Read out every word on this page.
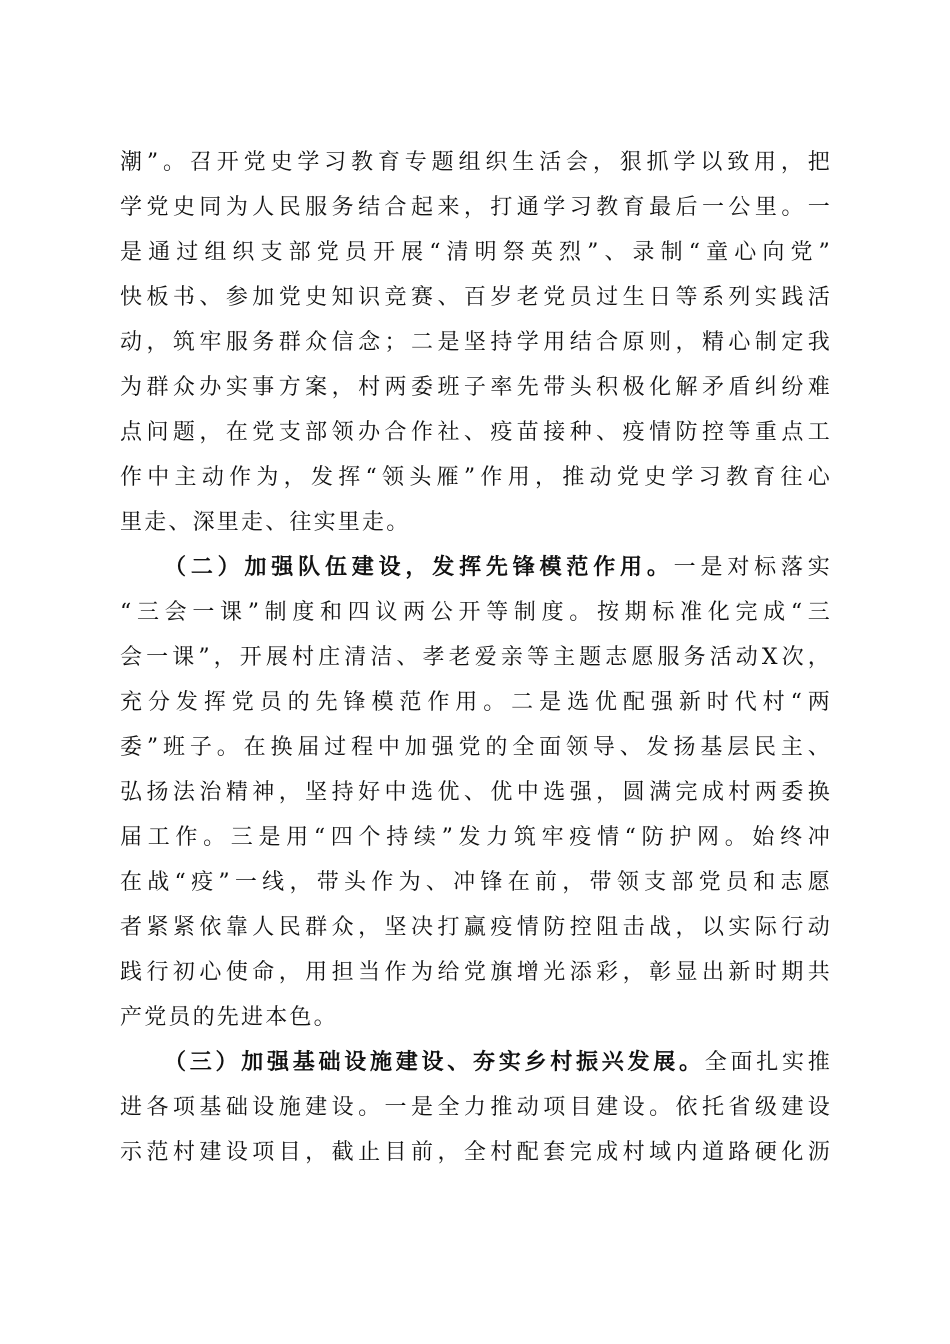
潮”。召开党史学习教育专题组织生活会，狠抓学以致用，把
学党史同为人民服务结合起来，打通学习教育最后一公里。一
是通过组织支部党员开展“清明祭英烈”、录制“童心向党”
快板书、参加党史知识竞赛、百岁老党员过生日等系列实践活
动，筑牢服务群众信念；二是坚持学用结合原则，精心制定我
为群众办实事方案，村两委班子率先带头积极化解矛盾纠纷难
点问题，在党支部领办合作社、疫苗接种、疫情防控等重点工
作中主动作为，发挥“领头雁”作用，推动党史学习教育往心
里走、深里走、往实里走。
（二）加强队伍建设，发挥先锋模范作用。一是对标落实
“三会一课”制度和四议两公开等制度。按期标准化完成“三
会一课”，开展村庄清洁、孝老爱亲等主题志愿服务活动X次，
充分发挥党员的先锋模范作用。二是选优配强新时代村“两
委”班子。在换届过程中加强党的全面领导、发扬基层民主、
弘扬法治精神，坚持好中选优、优中选强，圆满完成村两委换
届工作。三是用“四个持续”发力筑牢疫情“防护网。始终冲
在战“疫”一线，带头作为、冲锋在前，带领支部党员和志愿
者紧紧依靠人民群众，坚决打赢疫情防控阻击战，以实际行动
践行初心使命，用担当作为给党旗增光添彩，彰显出新时期共
产党员的先进本色。
（三）加强基础设施建设、夯实乡村振兴发展。全面扎实推
进各项基础设施建设。一是全力推动项目建设。依托省级建设
示范村建设项目，截止目前，全村配套完成村域内道路硬化沥
